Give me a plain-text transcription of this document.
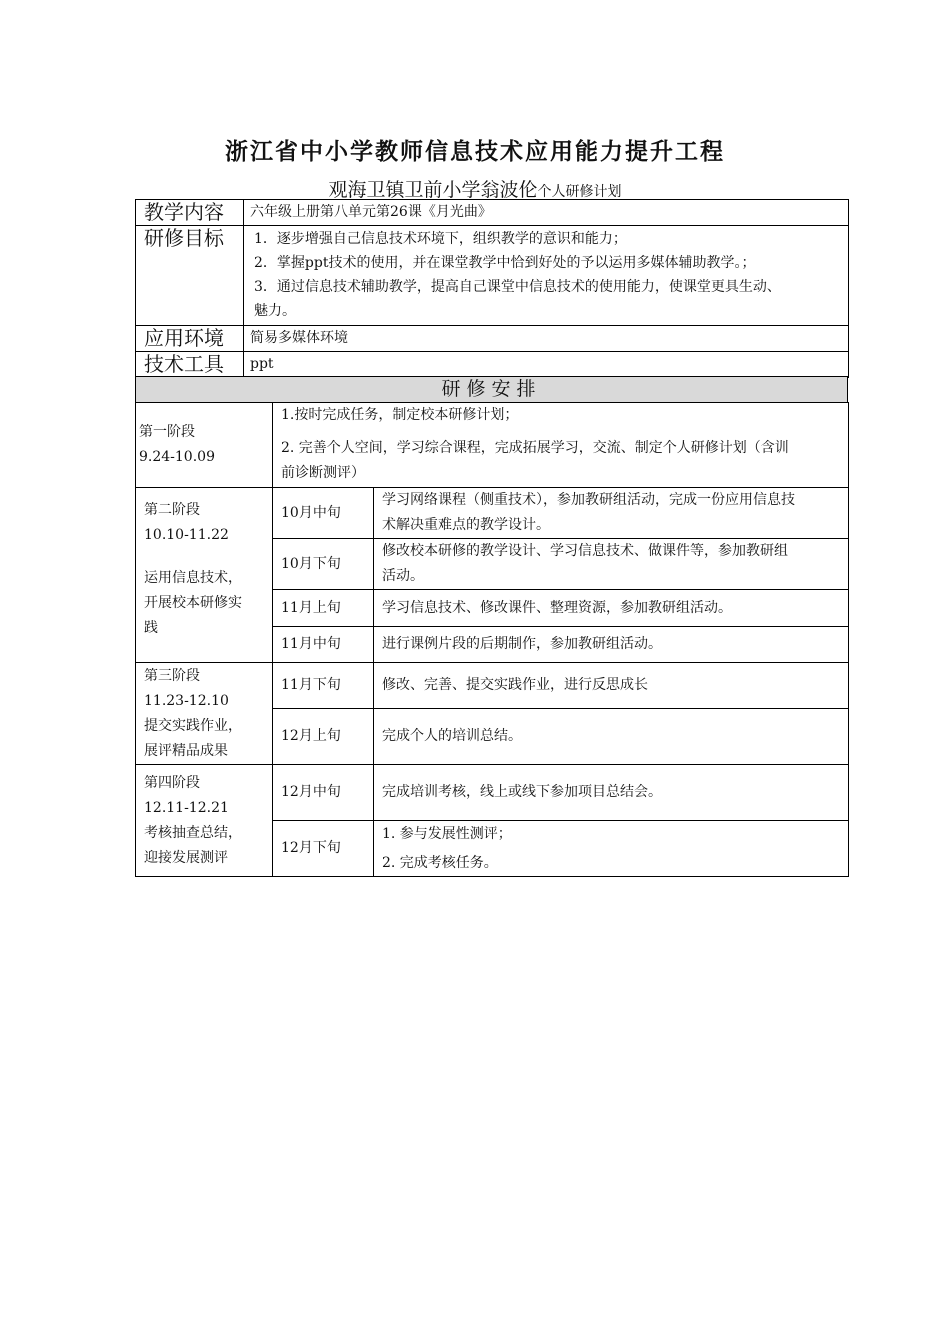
浙江省中小学教师信息技术应用能力提升工程
观海卫镇卫前小学翁波伦个人研修计划
教学内容	六年级上册第八单元第26课《月光曲》
研修目标	1．逐步增强自己信息技术环境下，组织教学的意识和能力；
2．掌握ppt技术的使用，并在课堂教学中恰到好处的予以运用多媒体辅助教学。；
3．通过信息技术辅助教学，提高自己课堂中信息技术的使用能力，使课堂更具生动、
魅力。

应用环境	简易多媒体环境
技术工具	ppt
研修安排
第一阶段
9.24-10.09	1.按时完成任务，制定校本研修计划；
2. 完善个人空间，学习综合课程，完成拓展学习，交流、制定个人研修计划（含训
前诊断测评）	

第二阶段
10.10-11.22
运用信息技术，
开展校本研修实
践	10月中旬	学习网络课程（侧重技术），参加教研组活动，完成一份应用信息技
术解决重难点的教学设计。

	10月下旬	修改校本研修的教学设计、学习信息技术、做课件等，参加教研组
活动。

	11月上旬	学习信息技术、修改课件、整理资源，参加教研组活动。
	11月中旬	进行课例片段的后期制作，参加教研组活动。

第三阶段
11.23-12.10
提交实践作业，
展评精品成果	11月下旬	修改、完善、提交实践作业，进行反思成长
	12月上旬	完成个人的培训总结。

第四阶段
12.11-12.21
考核抽查总结，
迎接发展测评	12月中旬	完成培训考核，线上或线下参加项目总结会。
	12月下旬	1. 参与发展性测评；
2. 完成考核任务。
